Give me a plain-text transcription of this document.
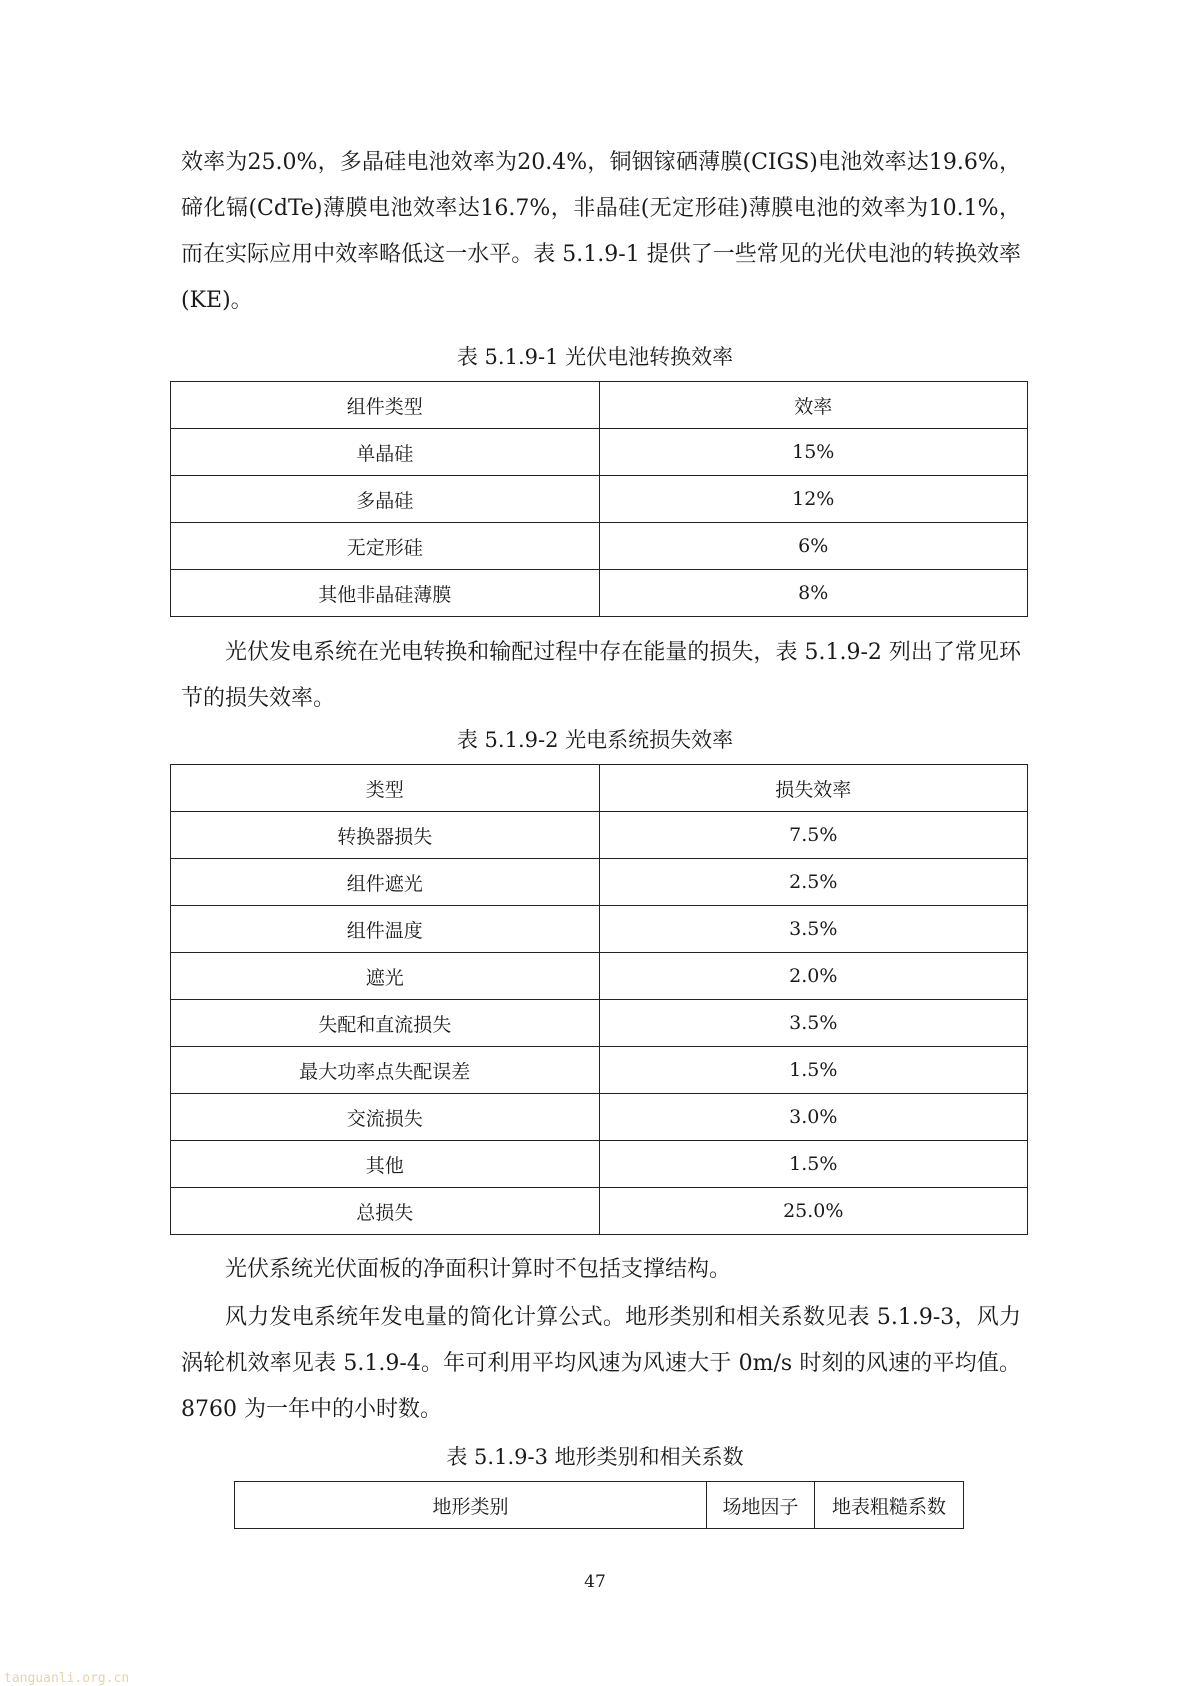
效率为25.0%，多晶硅电池效率为20.4%，铜铟镓硒薄膜(CIGS)电池效率达19.6%，碲化镉(CdTe)薄膜电池效率达16.7%，非晶硅(无定形硅)薄膜电池的效率为10.1%，而在实际应用中效率略低这一水平。表 5.1.9-1 提供了一些常见的光伏电池的转换效率(KE)。

表 5.1.9-1 光伏电池转换效率

组件类型	效率
单晶硅	15%
多晶硅	12%
无定形硅	6%
其他非晶硅薄膜	8%

光伏发电系统在光电转换和输配过程中存在能量的损失，表 5.1.9-2 列出了常见环节的损失效率。

表 5.1.9-2 光电系统损失效率

类型	损失效率
转换器损失	7.5%
组件遮光	2.5%
组件温度	3.5%
遮光	2.0%
失配和直流损失	3.5%
最大功率点失配误差	1.5%
交流损失	3.0%
其他	1.5%
总损失	25.0%

光伏系统光伏面板的净面积计算时不包括支撑结构。

风力发电系统年发电量的简化计算公式。地形类别和相关系数见表 5.1.9-3，风力涡轮机效率见表 5.1.9-4。年可利用平均风速为风速大于 0m/s 时刻的风速的平均值。8760 为一年中的小时数。

表 5.1.9-3 地形类别和相关系数

地形类别	场地因子	地表粗糙系数

47

tanguanli.org.cn
